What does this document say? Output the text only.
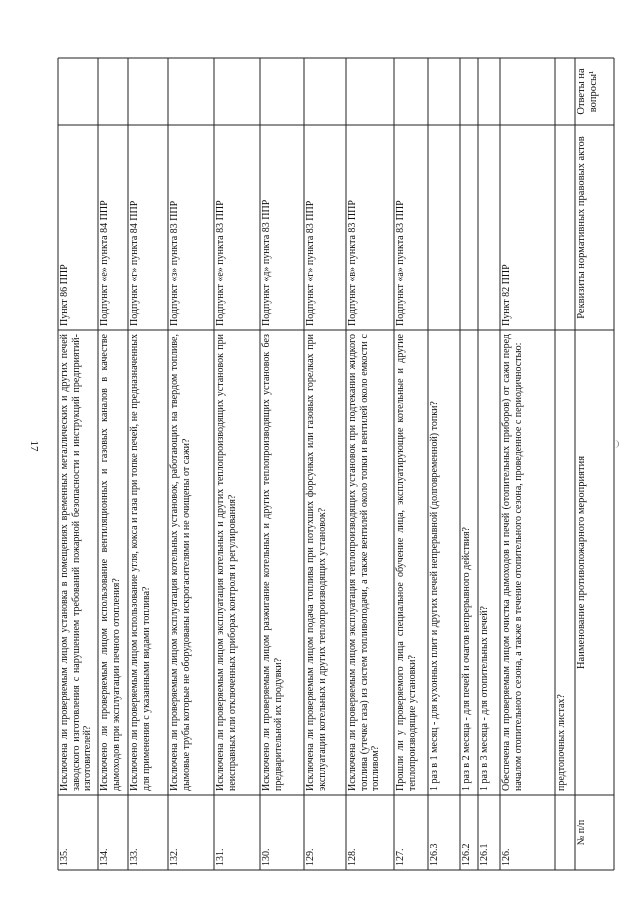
17
№ п/п
Наименование противопожарного мероприятия
Реквизиты нормативных правовых актов
Ответы на вопросы¹
предтопочных листах?
126.
Обеспечена ли проверяемым лицом очистка дымоходов и печей (отопительных приборов) от сажи перед началом отопительного сезона, а также в течение отопительного сезона, проведенное с периодичностью:
Пункт 82 ППР
126.1
1 раз в 3 месяца - для отопительных печей?
126.2
1 раз в 2 месяца - для печей и очагов непрерывного действия?
126.3
1 раз в 1 месяц - для кухонных плит и других печей непрерывной (долговременной) топки?
127.
Прошли ли у проверяемого лица специальное обучение лица, эксплуатирующие котельные и другие теплопроизводящие установки?
Подпункт «а» пункта 83 ППР
128.
Исключена ли проверяемым лицом эксплуатация теплопроизводящих установок при подтекании жидкого топлива (утечке газа) из систем топливоподачи, а также вентилей около топки и вентилей около емкости с топливом?
Подпункт «в» пункта 83 ППР
129.
Исключена ли проверяемым лицом подача топлива при потухших форсунках или газовых горелках при эксплуатации котельных и других теплопроизводящих установок?
Подпункт «г» пункта 83 ППР
130.
Исключено ли проверяемым лицом разжигание котельных и других теплопроизводящих установок без предварительной их продувки?
Подпункт «д» пункта 83 ППР
131.
Исключена ли проверяемым лицом эксплуатация котельных и других теплопроизводящих установок при неисправных или отключенных приборах контроля и регулирования?
Подпункт «е» пункта 83 ППР
132.
Исключена ли проверяемым лицом эксплуатация котельных установок, работающих на твердом топливе, дымовые трубы которые не оборудованы искрогасителями и не очищены от сажи?
Подпункт «з» пункта 83 ППР
133.
Исключено ли проверяемым лицом использование угля, кокса и газа при топке печей, не предназначенных для применения с указанными видами топлива?
Подпункт «г» пункта 84 ППР
134.
Исключено ли проверяемым лицом использование вентиляционных и газовых каналов в качестве дымоходов при эксплуатации печного отопления?
Подпункт «е» пункта 84 ППР
135.
Исключена ли проверяемым лицом установка в помещениях временных металлических и других печей заводского изготовления с нарушением требований пожарной безопасности и инструкций предприятий-изготовителей?
Пункт 86 ППР
